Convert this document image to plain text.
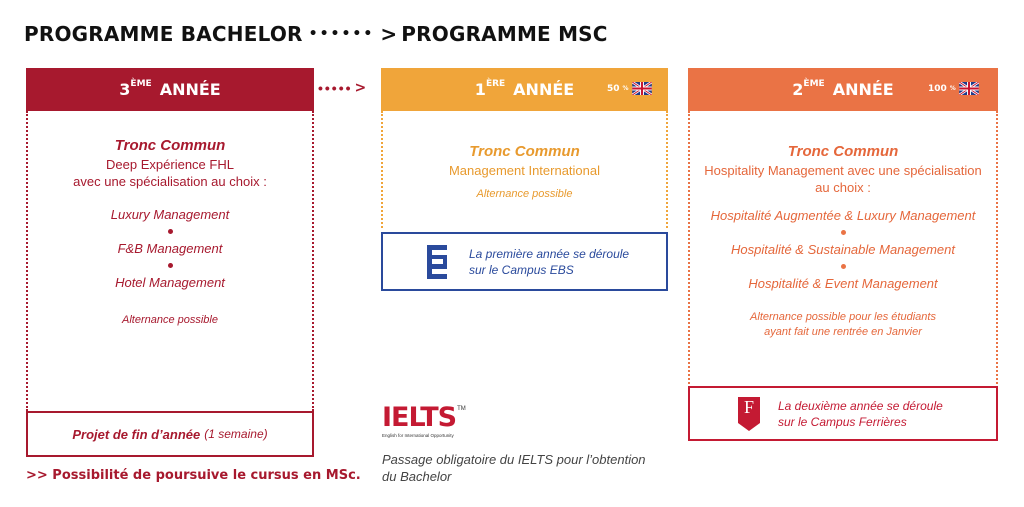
PROGRAMME BACHELOR •••••• > PROGRAMME MSC
3ÈME ANNÉE
Tronc Commun
Deep Expérience FHL
avec une spécialisation au choix :
Luxury Management
F&B Management
Hotel Management
Alternance possible
Projet de fin d’année (1 semaine)
>> Possibilité de poursuive le cursus en MSc.
••••• >	1ÈRE ANNÉE	50 %
Tronc Commun
Management International
Alternance possible
La première année se déroule
sur le Campus EBS
2ÈME ANNÉE	100 %
Tronc Commun
Hospitality Management avec une spécialisation
au choix :
Hospitalité Augmentée & Luxury Management
Hospitalité & Sustainable Management
Hospitalité & Event Management
Alternance possible pour les étudiants
ayant fait une rentrée en Janvier
F	La deuxième année se déroule
sur le Campus Ferrières
IELTS TM
English for International Opportunity
Passage obligatoire du IELTS pour l’obtention
du Bachelor
